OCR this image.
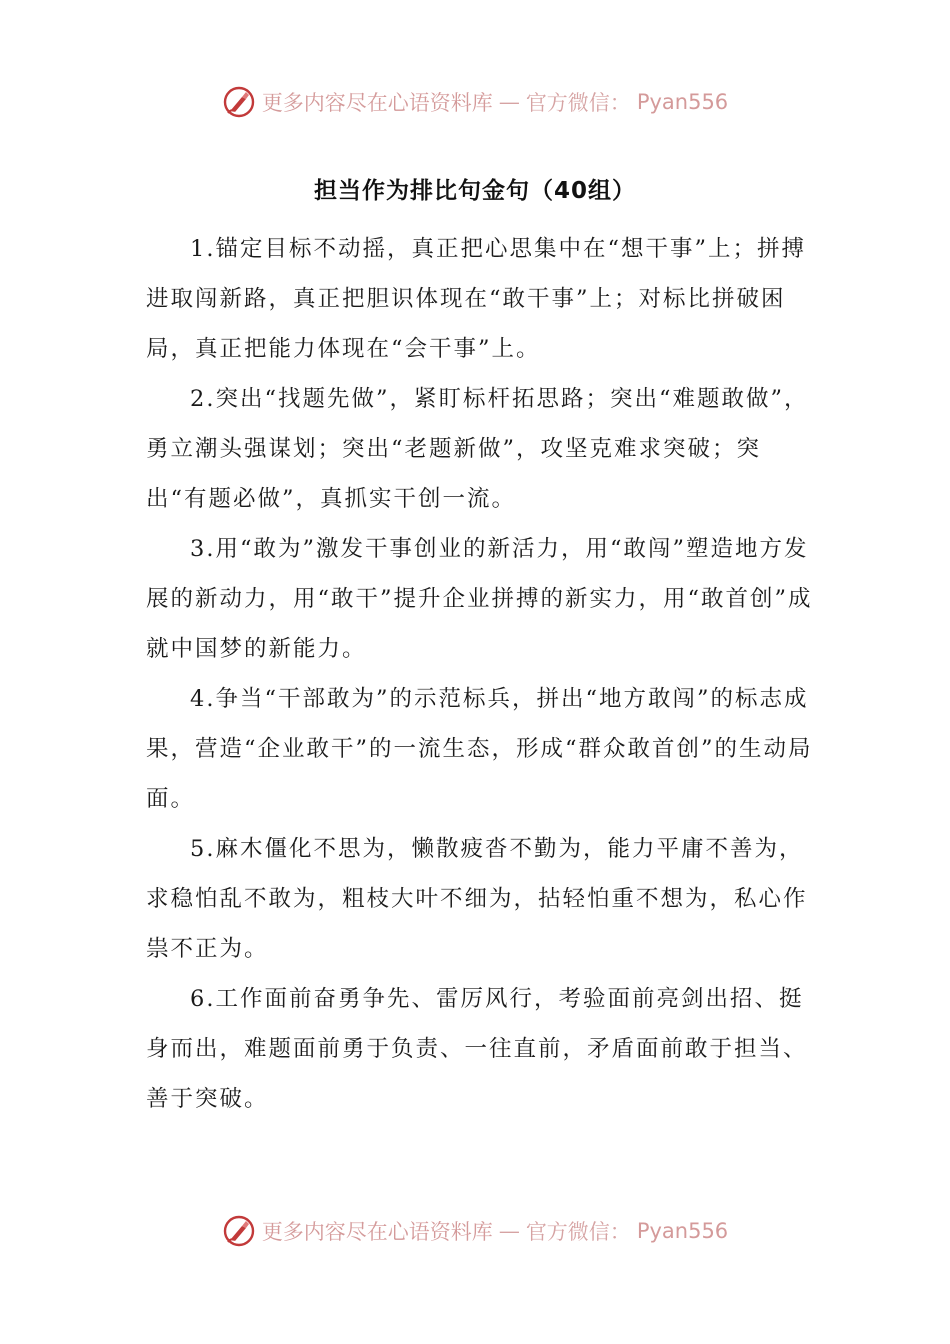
更多内容尽在心语资料库 — 官方微信： Pyan556
担当作为排比句金句（40组）

1.锚定目标不动摇，真正把心思集中在“想干事”上；拼搏进取闯新路，真正把胆识体现在“敢干事”上；对标比拼破困局，真正把能力体现在“会干事”上。

2.突出“找题先做”，紧盯标杆拓思路；突出“难题敢做”，勇立潮头强谋划；突出“老题新做”，攻坚克难求突破；突出“有题必做”，真抓实干创一流。

3.用“敢为”激发干事创业的新活力，用“敢闯”塑造地方发展的新动力，用“敢干”提升企业拼搏的新实力，用“敢首创”成就中国梦的新能力。

4.争当“干部敢为”的示范标兵，拼出“地方敢闯”的标志成果，营造“企业敢干”的一流生态，形成“群众敢首创”的生动局面。

5.麻木僵化不思为，懒散疲沓不勤为，能力平庸不善为，求稳怕乱不敢为，粗枝大叶不细为，拈轻怕重不想为，私心作祟不正为。

6.工作面前奋勇争先、雷厉风行，考验面前亮剑出招、挺身而出，难题面前勇于负责、一往直前，矛盾面前敢于担当、善于突破。

更多内容尽在心语资料库 — 官方微信： Pyan556
